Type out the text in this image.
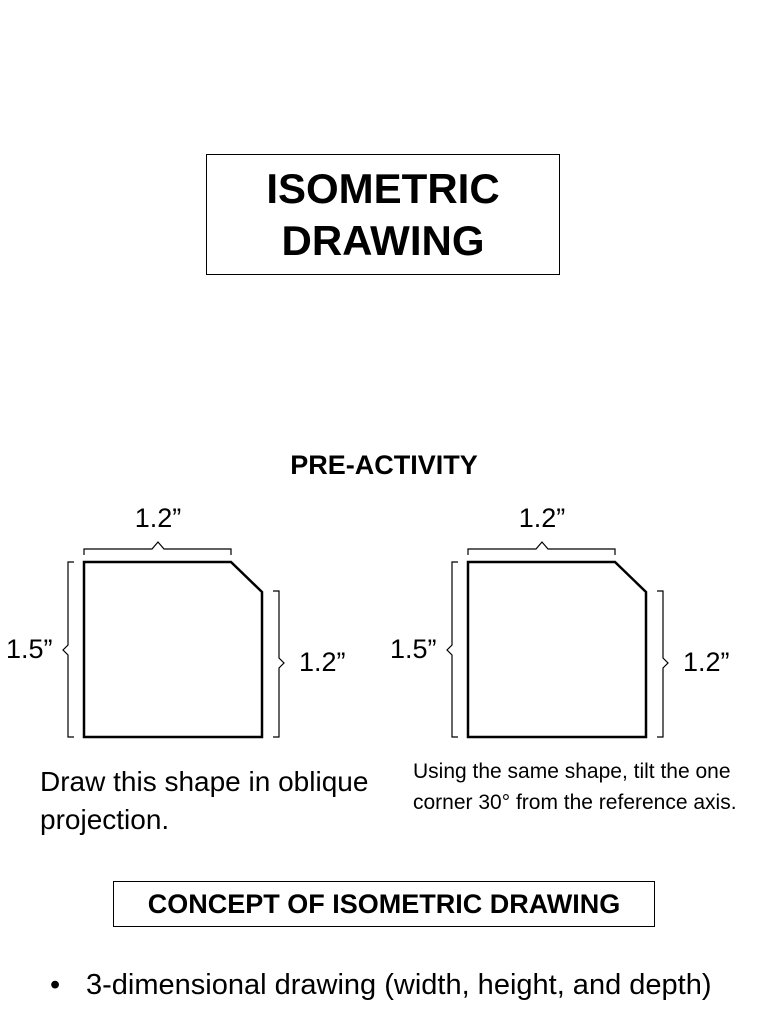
ISOMETRIC
DRAWING
PRE-ACTIVITY
1.2”
1.5”	1.2”
1.2”
1.5”	1.2”
Draw this shape in oblique projection.
Using the same shape, tilt the one corner 30° from the reference axis.
CONCEPT OF ISOMETRIC DRAWING
• 3-dimensional drawing (width, height, and depth)
